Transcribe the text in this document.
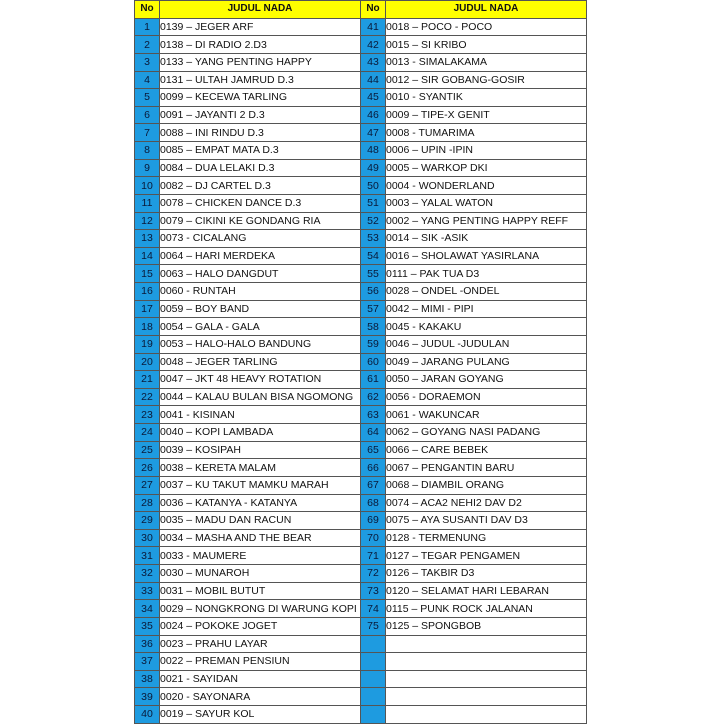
No	JUDUL NADA	No	JUDUL NADA
1	0139 – JEGER ARF	41	0018 – POCO - POCO
2	0138 – DI RADIO 2.D3	42	0015 – SI KRIBO
3	0133 – YANG PENTING HAPPY	43	0013 - SIMALAKAMA
4	0131 – ULTAH JAMRUD D.3	44	0012 – SIR GOBANG-GOSIR
5	0099 – KECEWA TARLING	45	0010 - SYANTIK
6	0091 – JAYANTI 2 D.3	46	0009 – TIPE-X GENIT
7	0088 – INI RINDU D.3	47	0008 - TUMARIMA
8	0085 – EMPAT MATA D.3	48	0006 – UPIN -IPIN
9	0084 – DUA LELAKI D.3	49	0005 – WARKOP DKI
10	0082 – DJ CARTEL D.3	50	0004 - WONDERLAND
11	0078 – CHICKEN DANCE D.3	51	0003 – YALAL WATON
12	0079 – CIKINI KE GONDANG RIA	52	0002 – YANG PENTING HAPPY REFF
13	0073 - CICALANG	53	0014 – SIK -ASIK
14	0064 – HARI MERDEKA	54	0016 – SHOLAWAT YASIRLANA
15	0063 – HALO DANGDUT	55	0111 – PAK TUA D3
16	0060 - RUNTAH	56	0028 – ONDEL -ONDEL
17	0059 – BOY BAND	57	0042 – MIMI - PIPI
18	0054 – GALA - GALA	58	0045 - KAKAKU
19	0053 – HALO-HALO BANDUNG	59	0046 – JUDUL -JUDULAN
20	0048 – JEGER TARLING	60	0049 – JARANG PULANG
21	0047 – JKT 48 HEAVY ROTATION	61	0050 – JARAN GOYANG
22	0044 – KALAU BULAN BISA NGOMONG	62	0056 - DORAEMON
23	0041 - KISINAN	63	0061 - WAKUNCAR
24	0040 – KOPI LAMBADA	64	0062 – GOYANG NASI PADANG
25	0039 – KOSIPAH	65	0066 – CARE BEBEK
26	0038 – KERETA MALAM	66	0067 – PENGANTIN BARU
27	0037 – KU TAKUT MAMKU MARAH	67	0068 – DIAMBIL ORANG
28	0036 – KATANYA - KATANYA	68	0074 – ACA2 NEHI2 DAV D2
29	0035 – MADU DAN RACUN	69	0075 – AYA SUSANTI DAV D3
30	0034 – MASHA AND THE BEAR	70	0128 - TERMENUNG
31	0033 - MAUMERE	71	0127 – TEGAR PENGAMEN
32	0030 – MUNAROH	72	0126 – TAKBIR D3
33	0031 – MOBIL BUTUT	73	0120 – SELAMAT HARI LEBARAN
34	0029 – NONGKRONG DI WARUNG KOPI	74	0115 – PUNK ROCK JALANAN
35	0024 – POKOKE JOGET	75	0125 – SPONGBOB
36	0023 – PRAHU LAYAR		
37	0022 – PREMAN PENSIUN		
38	0021 - SAYIDAN		
39	0020 - SAYONARA		
40	0019 – SAYUR KOL		
